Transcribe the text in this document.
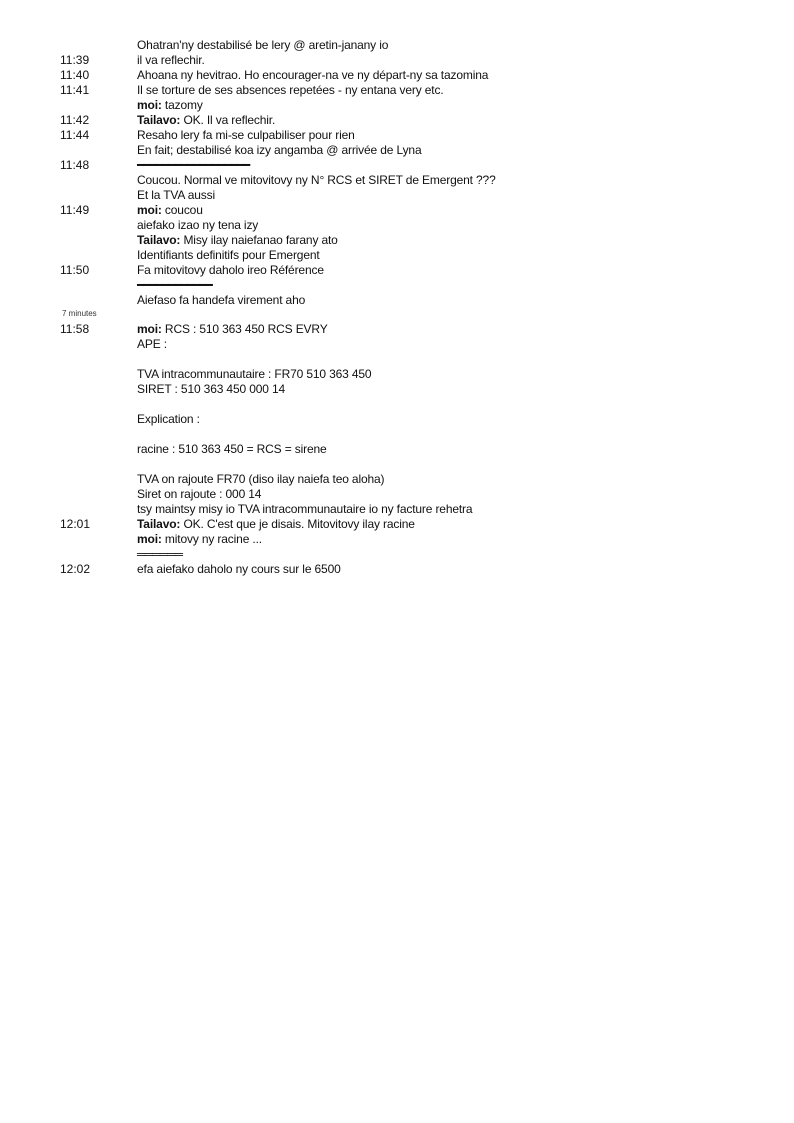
Ohatran'ny destabilisé be lery @ aretin-janany io
11:39	il va reflechir.
11:40	Ahoana ny hevitrao. Ho encourager-na ve ny départ-ny sa tazomina
11:41	Il se torture de ses absences repetées - ny entana very etc.
moi: tazomy
11:42	Tailavo: OK. Il va reflechir.
11:44	Resaho lery fa mi-se culpabiliser pour rien
En fait; destabilisé koa izy angamba @ arrivée de Lyna
11:48	━━━━━━━━━━━━━━━━━━
Coucou. Normal ve mitovitovy ny N° RCS et SIRET de Emergent ???
Et la TVA aussi
11:49	moi: coucou
aiefako izao ny tena izy
Tailavo: Misy ilay naiefanao farany ato
Identifiants definitifs pour Emergent
11:50	Fa mitovitovy daholo ireo Référence
━━━━━━━━━━━━
Aiefaso fa handefa virement aho
7 minutes
11:58	moi: RCS : 510 363 450 RCS EVRY
APE :
TVA intracommunautaire : FR70 510 363 450
SIRET : 510 363 450 000 14
Explication :
racine : 510 363 450 = RCS = sirene
TVA on rajoute FR70 (diso ilay naiefa teo aloha)
Siret on rajoute : 000 14
tsy maintsy misy io TVA intracommunautaire io ny facture rehetra
12:01	Tailavo: OK. C'est que je disais. Mitovitovy ilay racine
moi: mitovy ny racine ...
══════
12:02	efa aiefako daholo ny cours sur le 6500
